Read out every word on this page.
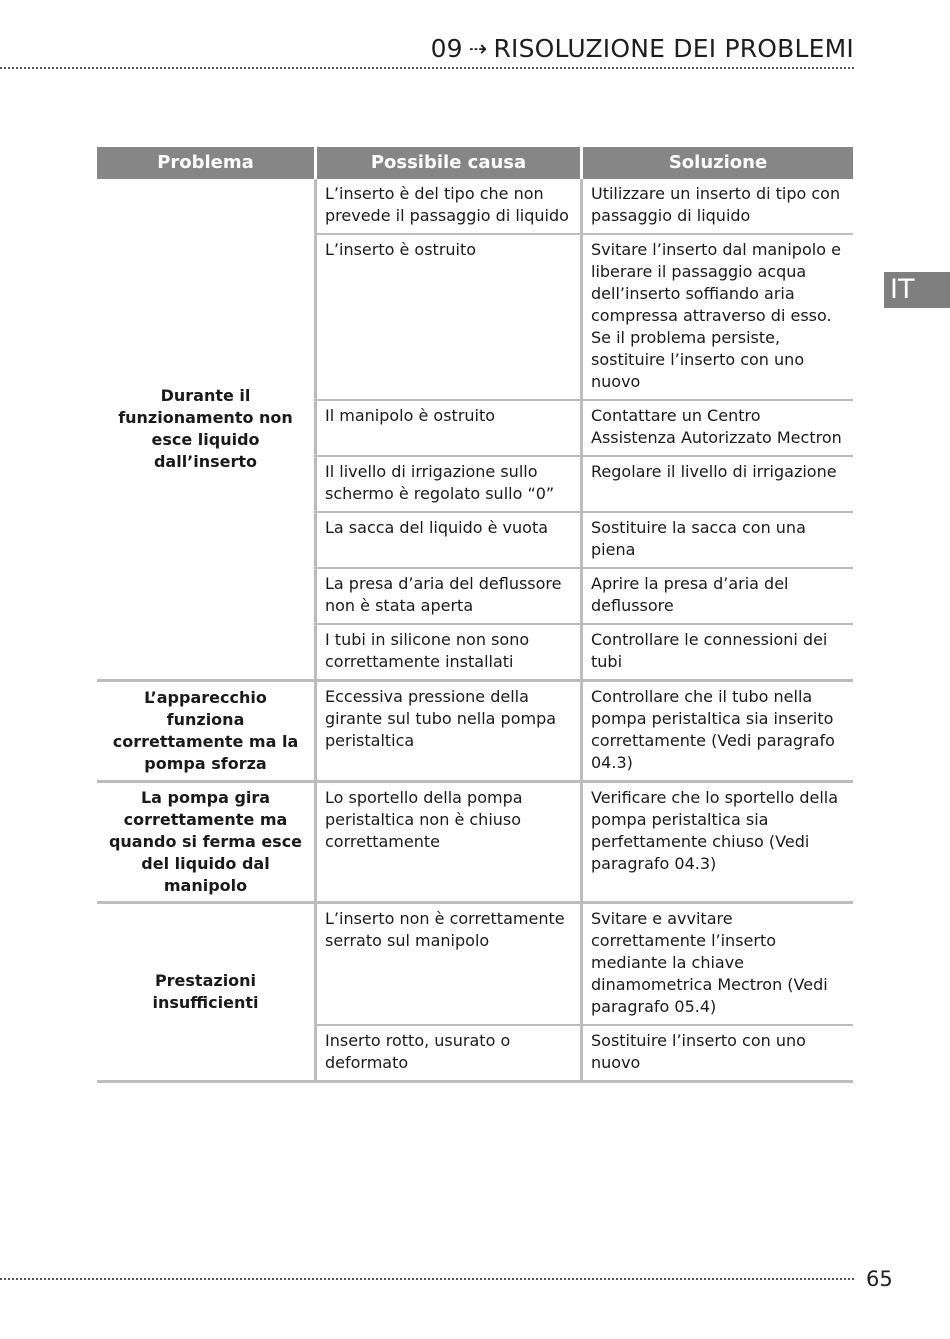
09 ⇢ RISOLUZIONE DEI PROBLEMI
IT
Problema	Possibile causa	Soluzione
Durante il funzionamento non esce liquido dall’inserto	L’inserto è del tipo che non prevede il passaggio di liquido	Utilizzare un inserto di tipo con passaggio di liquido
	L’inserto è ostruito	Svitare l’inserto dal manipolo e liberare il passaggio acqua dell’inserto soffiando aria compressa attraverso di esso. Se il problema persiste, sostituire l’inserto con uno nuovo
	Il manipolo è ostruito	Contattare un Centro Assistenza Autorizzato Mectron
	Il livello di irrigazione sullo schermo è regolato sullo “0”	Regolare il livello di irrigazione
	La sacca del liquido è vuota	Sostituire la sacca con una piena
	La presa d’aria del deflussore non è stata aperta	Aprire la presa d’aria del deflussore
	I tubi in silicone non sono correttamente installati	Controllare le connessioni dei tubi
L’apparecchio funziona correttamente ma la pompa sforza	Eccessiva pressione della girante sul tubo nella pompa peristaltica	Controllare che il tubo nella pompa peristaltica sia inserito correttamente (Vedi paragrafo 04.3)
La pompa gira correttamente ma quando si ferma esce del liquido dal manipolo	Lo sportello della pompa peristaltica non è chiuso correttamente	Verificare che lo sportello della pompa peristaltica sia perfettamente chiuso (Vedi paragrafo 04.3)
Prestazioni insufficienti	L’inserto non è correttamente serrato sul manipolo	Svitare e avvitare correttamente l’inserto mediante la chiave dinamometrica Mectron (Vedi paragrafo 05.4)
	Inserto rotto, usurato o deformato	Sostituire l’inserto con uno nuovo
65
